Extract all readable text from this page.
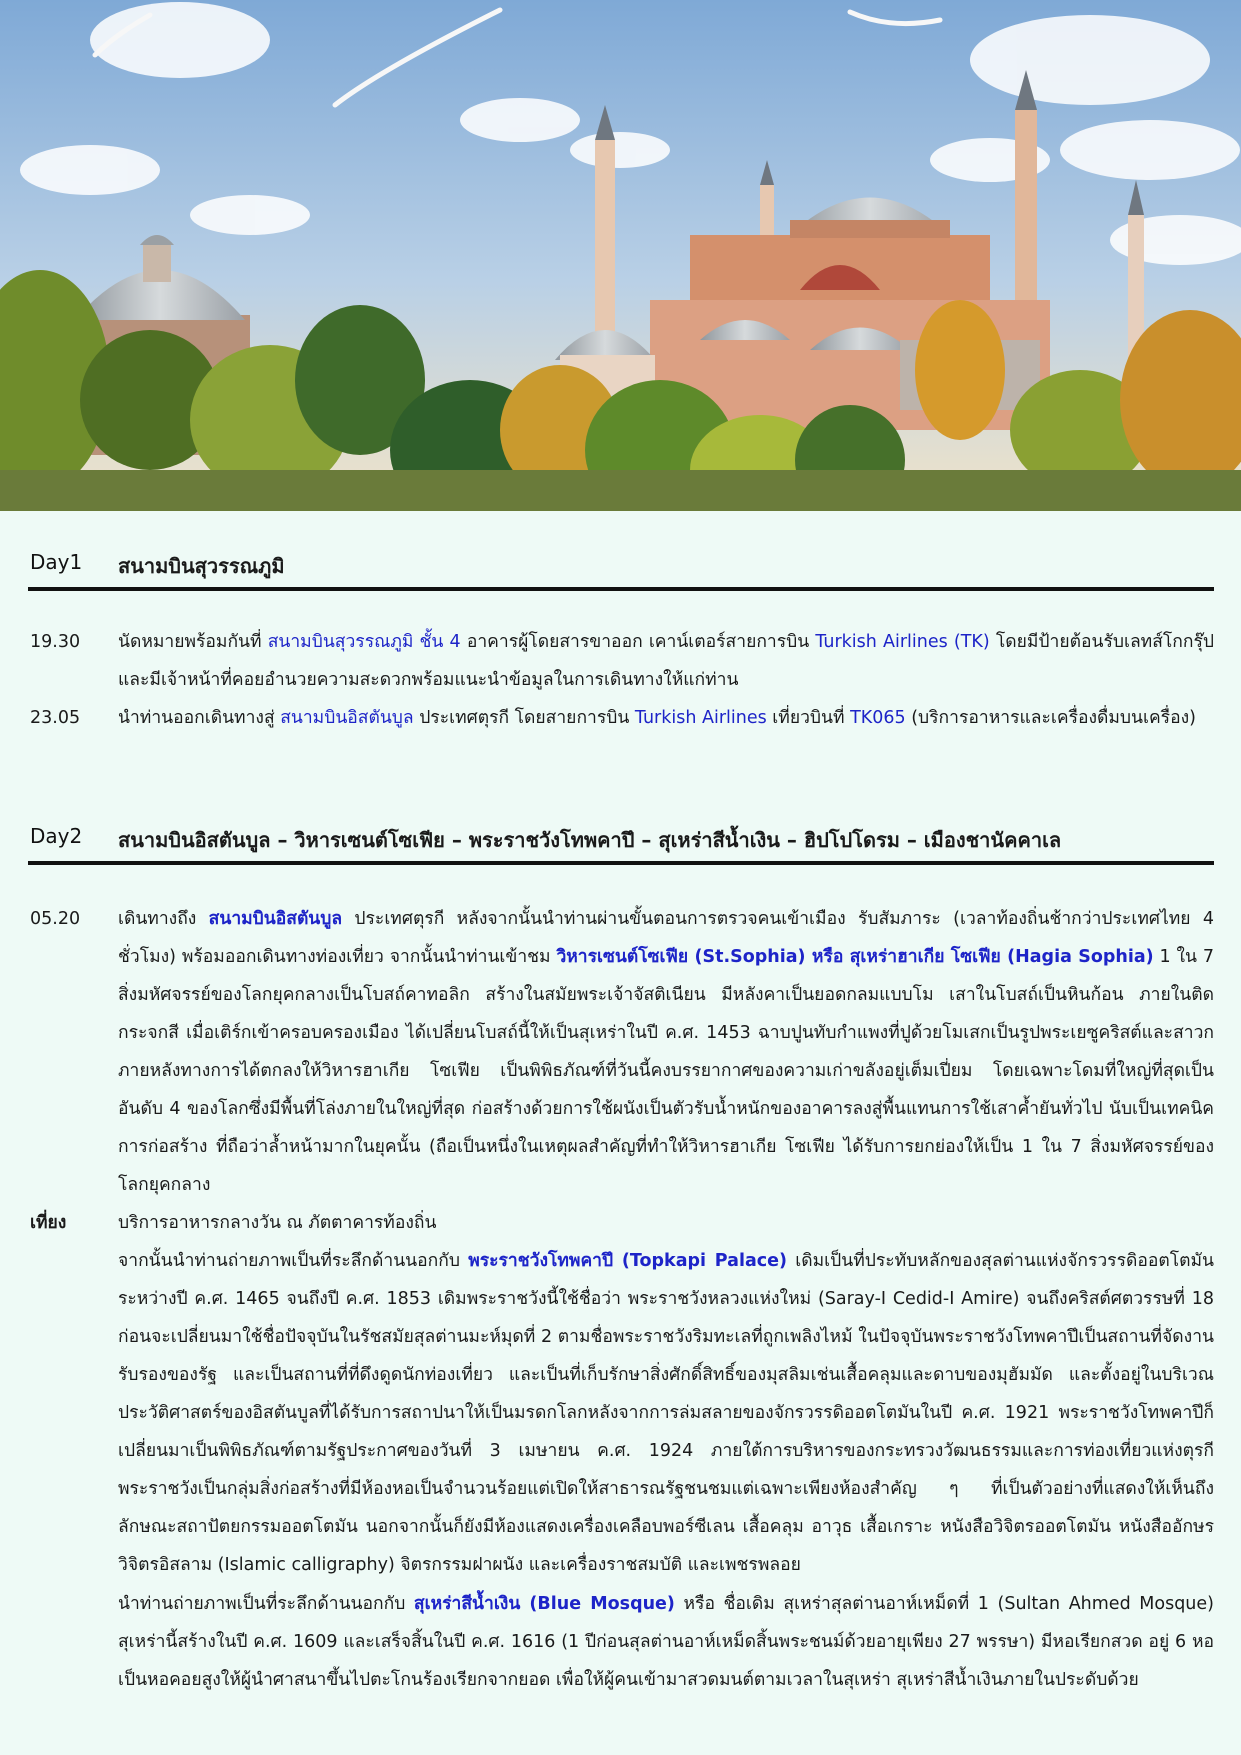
Day1 สนามบินสุวรรณภูมิ
19.30 นัดหมายพร้อมกันที่ สนามบินสุวรรณภูมิ ชั้น 4 อาคารผู้โดยสารขาออก เคาน์เตอร์สายการบิน Turkish Airlines (TK) โดยมีป้ายต้อนรับเลทส์โกกรุ๊ป และมีเจ้าหน้าที่คอยอำนวยความสะดวกพร้อมแนะนำข้อมูลในการเดินทางให้แก่ท่าน
23.05 นำท่านออกเดินทางสู่ สนามบินอิสตันบูล ประเทศตุรกี โดยสายการบิน Turkish Airlines เที่ยวบินที่ TK065 (บริการอาหารและเครื่องดื่มบนเครื่อง)
Day2 สนามบินอิสตันบูล – วิหารเซนต์โซเฟีย – พระราชวังโทพคาปึ – สุเหร่าสีน้ำเงิน – ฮิปโปโดรม – เมืองชานัคคาเล
05.20 เดินทางถึง สนามบินอิสตันบูล ประเทศตุรกี หลังจากนั้นนำท่านผ่านขั้นตอนการตรวจคนเข้าเมือง รับสัมภาระ (เวลาท้องถิ่นช้ากว่าประเทศไทย 4 ชั่วโมง) พร้อมออกเดินทางท่องเที่ยว จากนั้นนำท่านเข้าชม วิหารเซนต์โซเฟีย (St.Sophia) หรือ สุเหร่าฮาเกีย โซเฟีย (Hagia Sophia) 1 ใน 7 สิ่งมหัศจรรย์ของโลกยุคกลางเป็นโบสถ์คาทอลิก สร้างในสมัยพระเจ้าจัสติเนียน มีหลังคาเป็นยอดกลมแบบโม เสาในโบสถ์เป็นหินก้อน ภายในติดกระจกสี เมื่อเติร์กเข้าครอบครองเมือง ได้เปลี่ยนโบสถ์นี้ให้เป็นสุเหร่าในปี ค.ศ. 1453 ฉาบปูนทับกำแพงที่ปูด้วยโมเสกเป็นรูปพระเยซูคริสต์และสาวก ภายหลังทางการได้ตกลงให้วิหารฮาเกีย โซเฟีย เป็นพิพิธภัณฑ์ที่วันนี้คงบรรยากาศของความเก่าขลังอยู่เต็มเปี่ยม โดยเฉพาะโดมที่ใหญ่ที่สุดเป็นอันดับ 4 ของโลกซึ่งมีพื้นที่โล่งภายในใหญ่ที่สุด ก่อสร้างด้วยการใช้ผนังเป็นตัวรับน้ำหนักของอาคารลงสู่พื้นแทนการใช้เสาค้ำยันทั่วไป นับเป็นเทคนิคการก่อสร้าง ที่ถือว่าล้ำหน้ามากในยุคนั้น (ถือเป็นหนึ่งในเหตุผลสำคัญที่ทำให้วิหารฮาเกีย โซเฟีย ได้รับการยกย่องให้เป็น 1 ใน 7 สิ่งมหัศจรรย์ของโลกยุคกลาง
เที่ยง	บริการอาหารกลางวัน ณ ภัตตาคารท้องถิ่น
จากนั้นนำท่านถ่ายภาพเป็นที่ระลึกด้านนอกกับ พระราชวังโทพคาปึ (Topkapi Palace) เดิมเป็นที่ประทับหลักของสุลต่านแห่งจักรวรรดิออตโตมัน ระหว่างปี ค.ศ. 1465 จนถึงปี ค.ศ. 1853 เดิมพระราชวังนี้ใช้ชื่อว่า พระราชวังหลวงแห่งใหม่ (Saray-I Cedid-I Amire) จนถึงคริสต์ศตวรรษที่ 18 ก่อนจะเปลี่ยนมาใช้ชื่อปัจจุบันในรัชสมัยสุลต่านมะห์มุดที่ 2 ตามชื่อพระราชวังริมทะเลที่ถูกเพลิงไหม้ ในปัจจุบันพระราชวังโทพคาปึเป็นสถานที่จัดงานรับรองของรัฐ และเป็นสถานที่ที่ดึงดูดนักท่องเที่ยว และเป็นที่เก็บรักษาสิ่งศักดิ์สิทธิ์ของมุสลิมเช่นเสื้อคลุมและดาบของมุฮัมมัด และตั้งอยู่ในบริเวณประวัติศาสตร์ของอิสตันบูลที่ได้รับการสถาปนาให้เป็นมรดกโลกหลังจากการล่มสลายของจักรวรรดิออตโตมันในปี ค.ศ. 1921 พระราชวังโทพคาปึก็เปลี่ยนมาเป็นพิพิธภัณฑ์ตามรัฐประกาศของวันที่ 3 เมษายน ค.ศ. 1924 ภายใต้การบริหารของกระทรวงวัฒนธรรมและการท่องเที่ยวแห่งตุรกี พระราชวังเป็นกลุ่มสิ่งก่อสร้างที่มีห้องหอเป็นจำนวนร้อยแต่เปิดให้สาธารณรัฐชนชมแต่เฉพาะเพียงห้องสำคัญ ๆ ที่เป็นตัวอย่างที่แสดงให้เห็นถึงลักษณะสถาปัตยกรรมออตโตมัน นอกจากนั้นก็ยังมีห้องแสดงเครื่องเคลือบพอร์ซีเลน เสื้อคลุม อาวุธ เสื้อเกราะ หนังสือวิจิตรออตโตมัน หนังสืออักษรวิจิตรอิสลาม (Islamic calligraphy) จิตรกรรมฝาผนัง และเครื่องราชสมบัติ และเพชรพลอย
นำท่านถ่ายภาพเป็นที่ระลึกด้านนอกกับ สุเหร่าสีน้ำเงิน (Blue Mosque) หรือ ชื่อเดิม สุเหร่าสุลต่านอาห์เหม็ดที่ 1 (Sultan Ahmed Mosque) สุเหร่านี้สร้างในปี ค.ศ. 1609 และเสร็จสิ้นในปี ค.ศ. 1616 (1 ปีก่อนสุลต่านอาห์เหม็ดสิ้นพระชนม์ด้วยอายุเพียง 27 พรรษา) มีหอเรียกสวด อยู่ 6 หอ เป็นหอคอยสูงให้ผู้นำศาสนาขึ้นไปตะโกนร้องเรียกจากยอด เพื่อให้ผู้คนเข้ามาสวดมนต์ตามเวลาในสุเหร่า สุเหร่าสีน้ำเงินภายในประดับด้วย
